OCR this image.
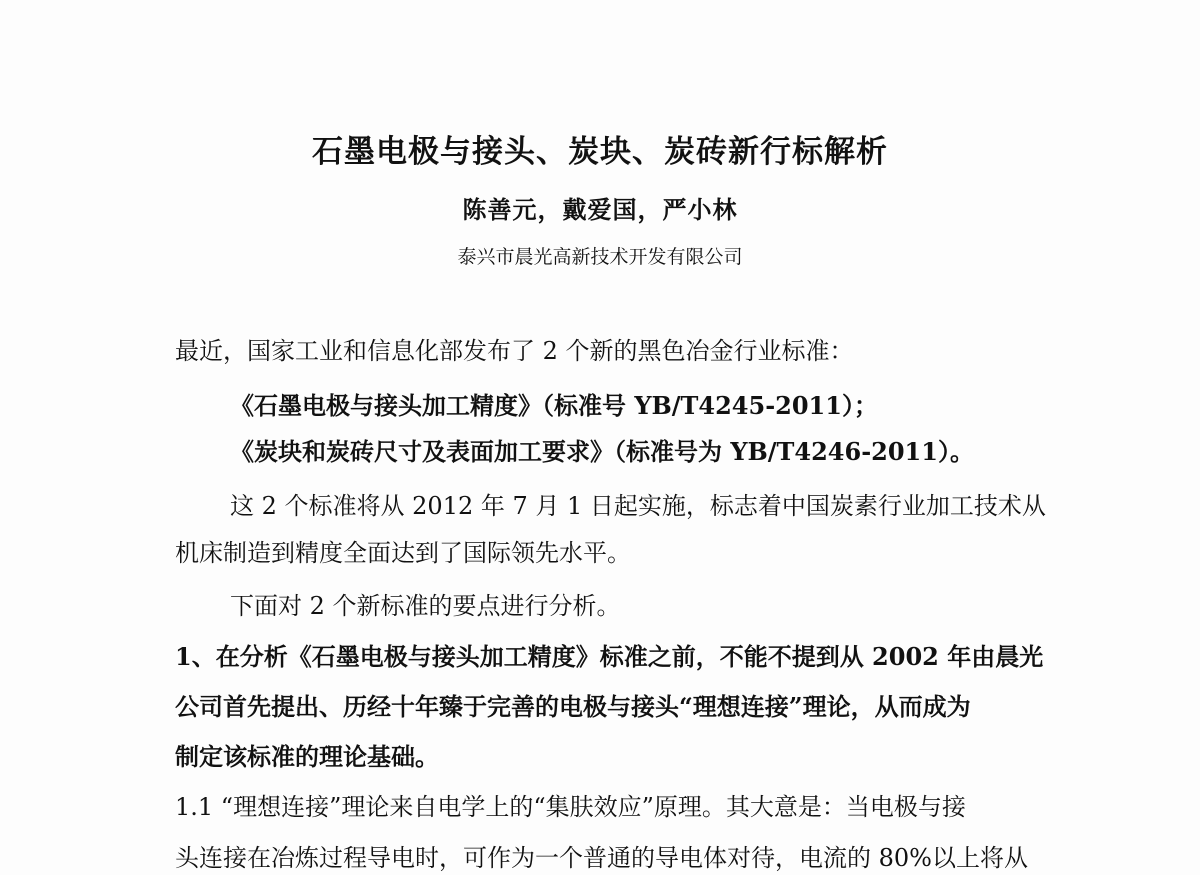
石墨电极与接头、炭块、炭砖新行标解析
陈善元，戴爱国，严小林
泰兴市晨光高新技术开发有限公司
最近，国家工业和信息化部发布了 2 个新的黑色冶金行业标准：
《石墨电极与接头加工精度》（标准号 YB/T4245-2011）；
《炭块和炭砖尺寸及表面加工要求》（标准号为 YB/T4246-2011）。
这 2 个标准将从 2012 年 7 月 1 日起实施，标志着中国炭素行业加工技术从
机床制造到精度全面达到了国际领先水平。
下面对 2 个新标准的要点进行分析。
1、在分析《石墨电极与接头加工精度》标准之前，不能不提到从 2002 年由晨光
公司首先提出、历经十年臻于完善的电极与接头“理想连接”理论，从而成为
制定该标准的理论基础。
1.1 “理想连接”理论来自电学上的“集肤效应”原理。其大意是：当电极与接
头连接在冶炼过程导电时，可作为一个普通的导电体对待，电流的 80%以上将从
